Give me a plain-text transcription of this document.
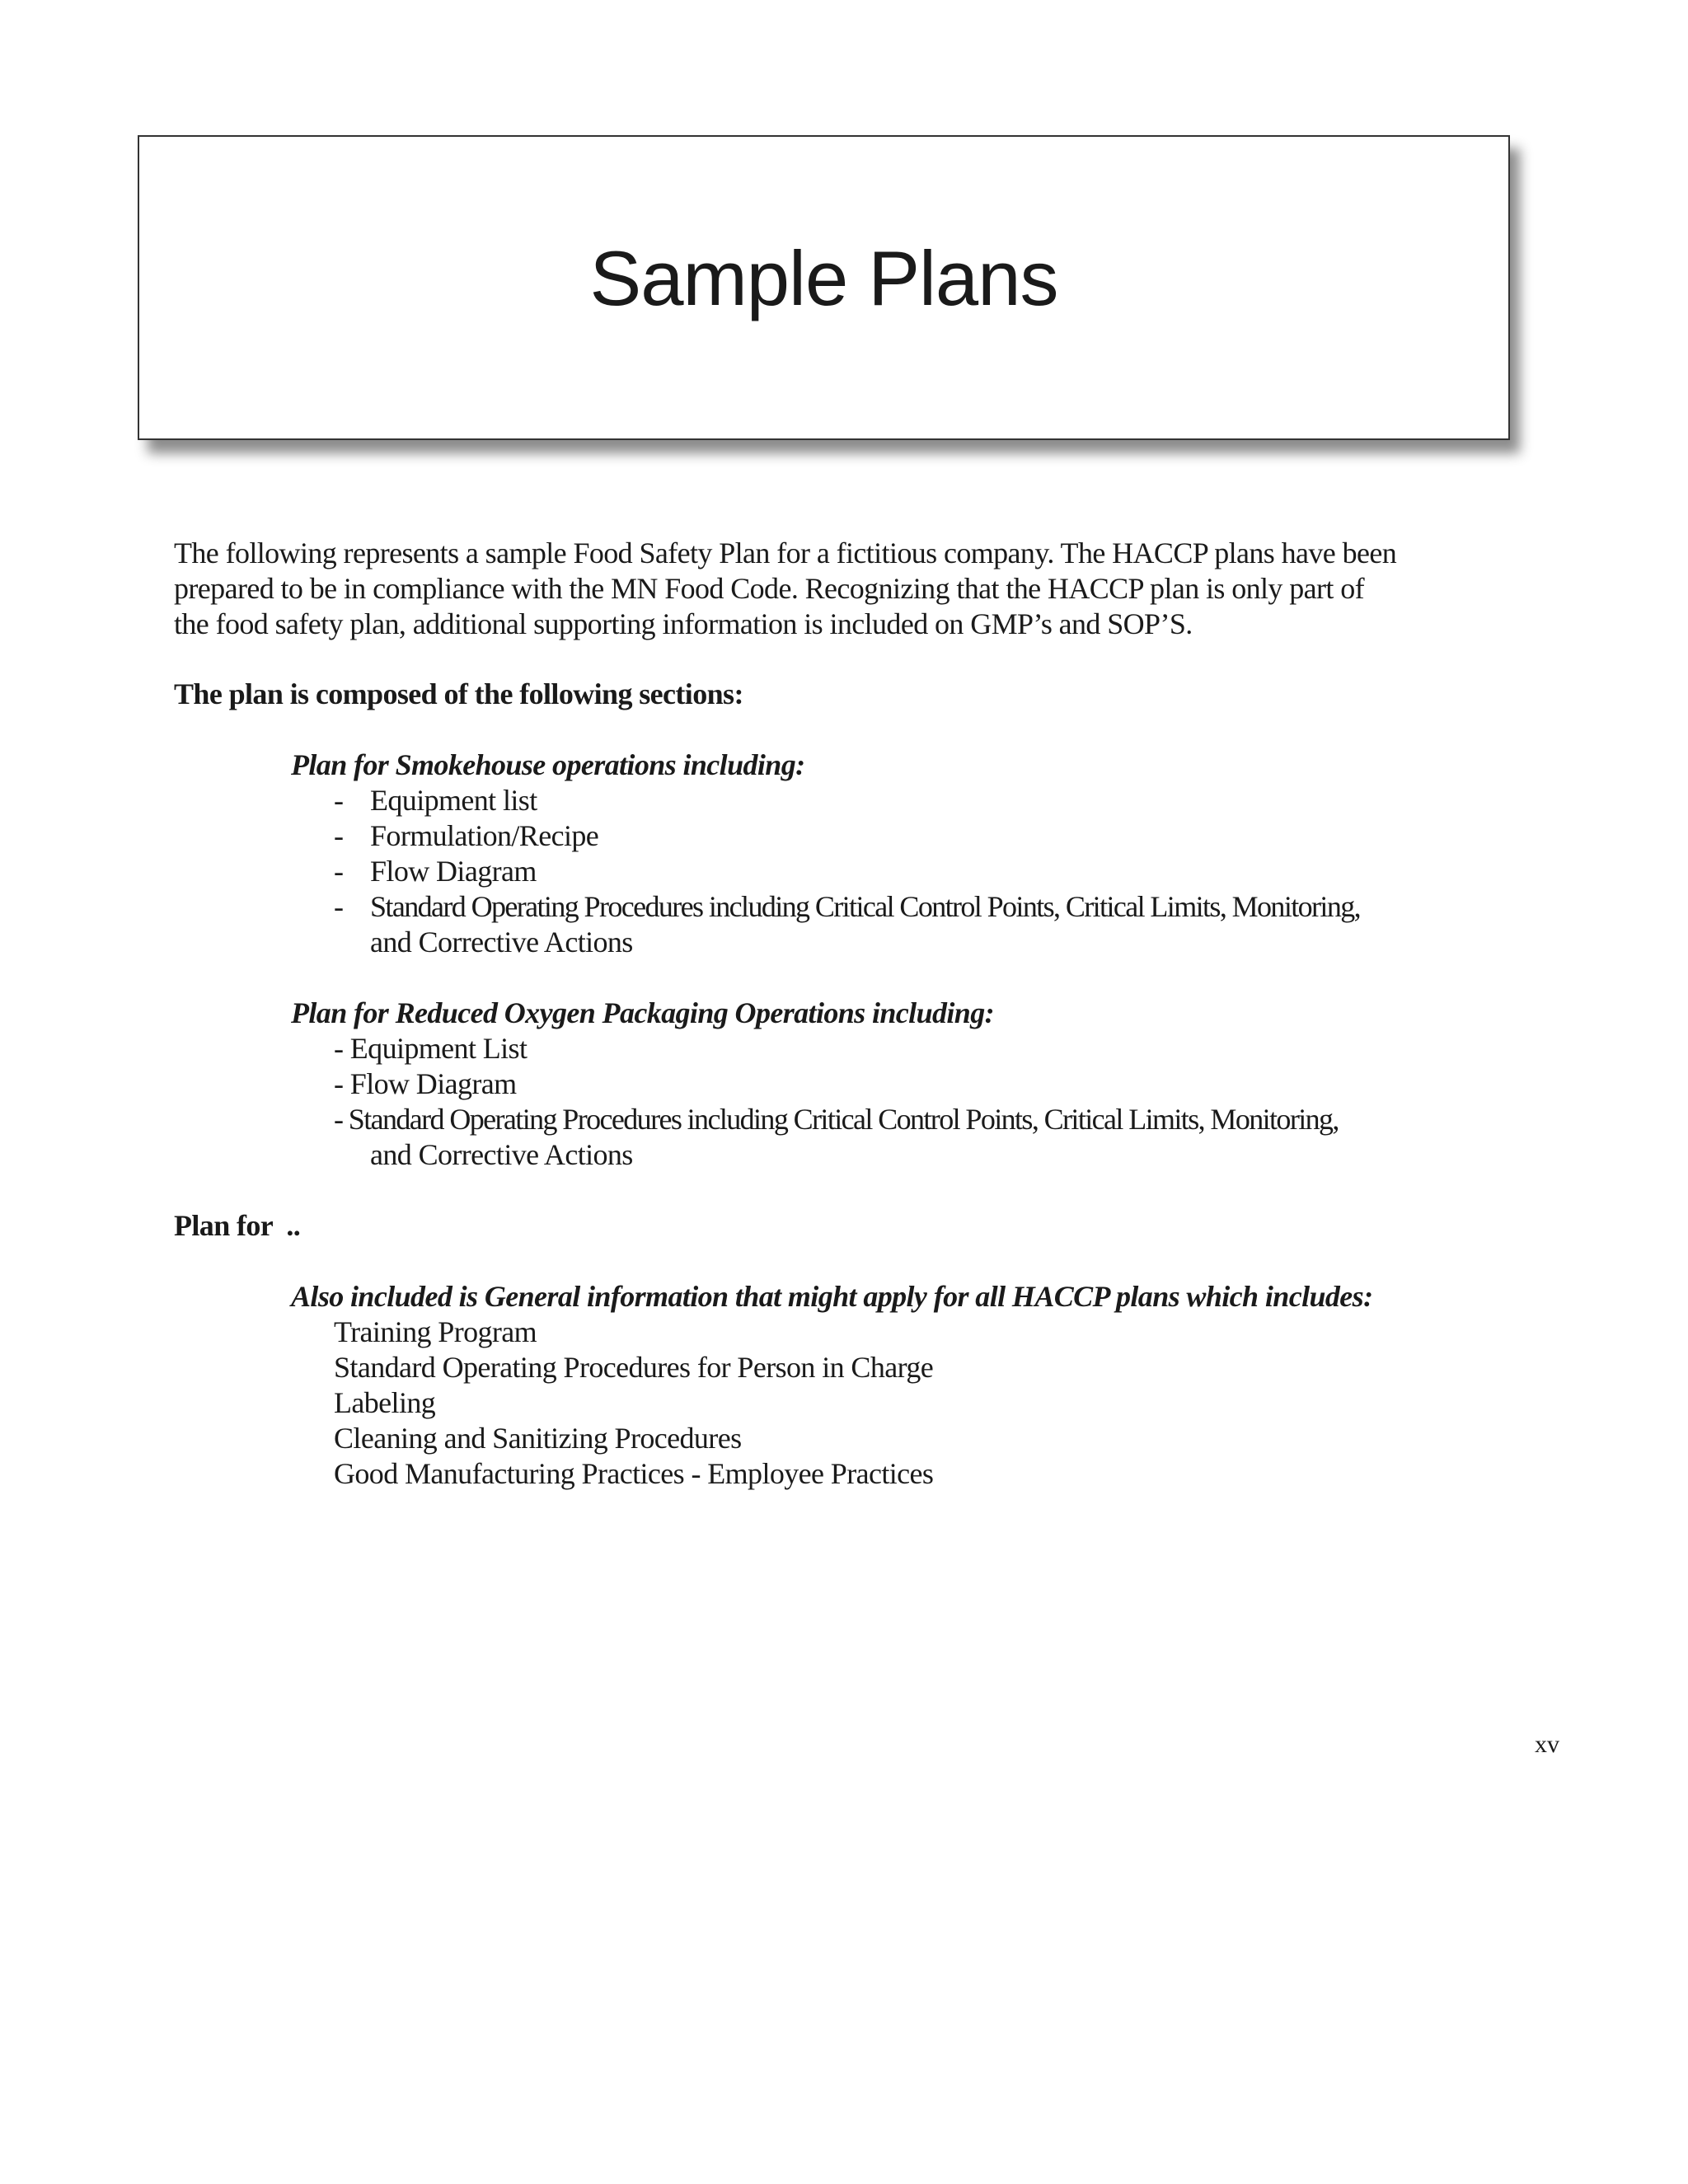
Sample Plans
The following represents a sample Food Safety Plan for a fictitious company. The HACCP plans have been
prepared to be in compliance with the MN Food Code. Recognizing that the HACCP plan is only part of
the food safety plan, additional supporting information is included on GMP’s and SOP’S.
The plan is composed of the following sections:
Plan for Smokehouse operations including:
- Equipment list
- Formulation/Recipe
- Flow Diagram
- Standard Operating Procedures including Critical Control Points, Critical Limits, Monitoring,
and Corrective Actions
Plan for Reduced Oxygen Packaging Operations including:
- Equipment List
- Flow Diagram
- Standard Operating Procedures including Critical Control Points, Critical Limits, Monitoring,
and Corrective Actions
Plan for  ..
Also included is General information that might apply for all HACCP plans which includes:
Training Program
Standard Operating Procedures for Person in Charge
Labeling
Cleaning and Sanitizing Procedures
Good Manufacturing Practices - Employee Practices
xv
